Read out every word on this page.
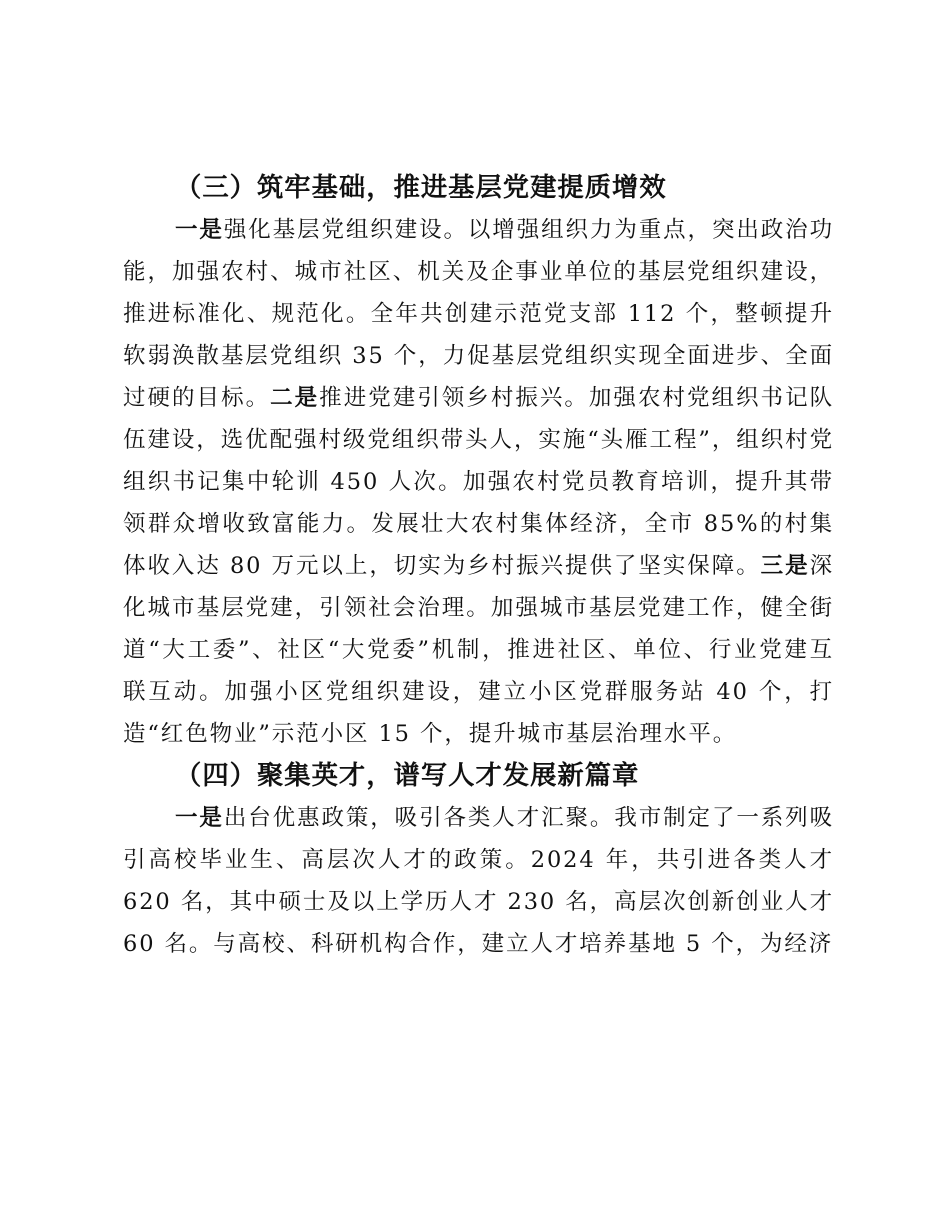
（三）筑牢基础，推进基层党建提质增效

一是强化基层党组织建设。以增强组织力为重点，突出政治功能，加强农村、城市社区、机关及企事业单位的基层党组织建设，推进标准化、规范化。全年共创建示范党支部 112 个，整顿提升软弱涣散基层党组织 35 个，力促基层党组织实现全面进步、全面过硬的目标。二是推进党建引领乡村振兴。加强农村党组织书记队伍建设，选优配强村级党组织带头人，实施“头雁工程”，组织村党组织书记集中轮训 450 人次。加强农村党员教育培训，提升其带领群众增收致富能力。发展壮大农村集体经济，全市 85%的村集体收入达 80 万元以上，切实为乡村振兴提供了坚实保障。三是深化城市基层党建，引领社会治理。加强城市基层党建工作，健全街道“大工委”、社区“大党委”机制，推进社区、单位、行业党建互联互动。加强小区党组织建设，建立小区党群服务站 40 个，打造“红色物业”示范小区 15 个，提升城市基层治理水平。

（四）聚集英才，谱写人才发展新篇章

一是出台优惠政策，吸引各类人才汇聚。我市制定了一系列吸引高校毕业生、高层次人才的政策。2024 年，共引进各类人才 620 名，其中硕士及以上学历人才 230 名，高层次创新创业人才 60 名。与高校、科研机构合作，建立人才培养基地 5 个，为经济
